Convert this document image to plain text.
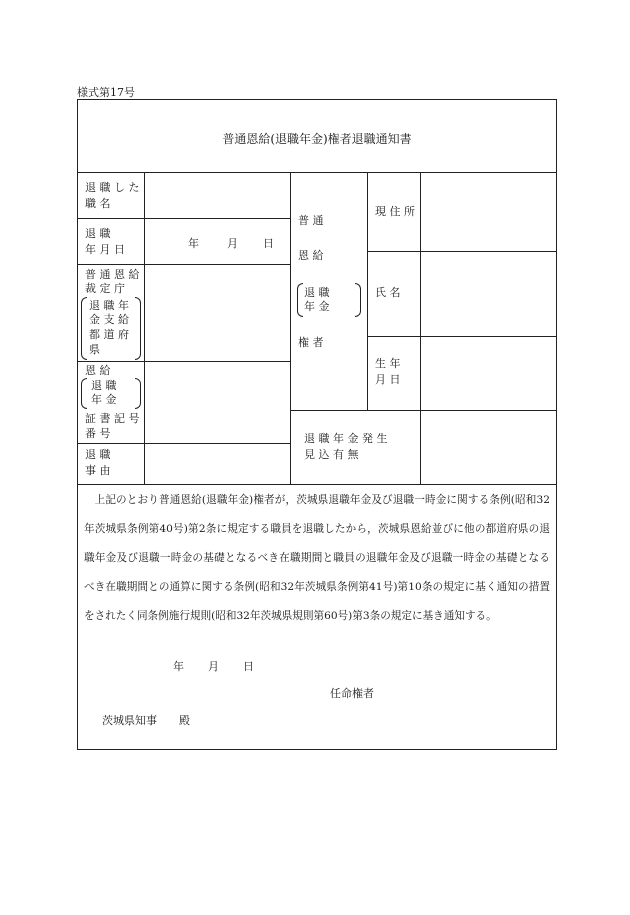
様式第17号
普通恩給(退職年金)権者退職通知書
退 職 し た
職 名
退 職
年 月 日	年	月 日
普 通 恩 給
裁 定 庁
退 職 年
金 支 給
都 道 府
県
恩 給
退 職
年 金
証 書 記 号
番 号
退 職
事 由
普 通
恩 給
退 職
年 金
権 者
現 住 所
氏 名
生 年
月 日
退 職 年 金 発 生
見 込 有 無
上記のとおり普通恩給(退職年金)権者が，茨城県退職年金及び退職一時金に関する条例(昭和32年茨城県条例第40号)第2条に規定する職員を退職したから，茨城県恩給並びに他の都道府県の退職年金及び退職一時金の基礎となるべき在職期間と職員の退職年金及び退職一時金の基礎となるべき在職期間との通算に関する条例(昭和32年茨城県条例第41号)第10条の規定に基く通知の措置をされたく同条例施行規則(昭和32年茨城県規則第60号)第3条の規定に基き通知する。
年 月 日
任命権者
茨城県知事　　殿
